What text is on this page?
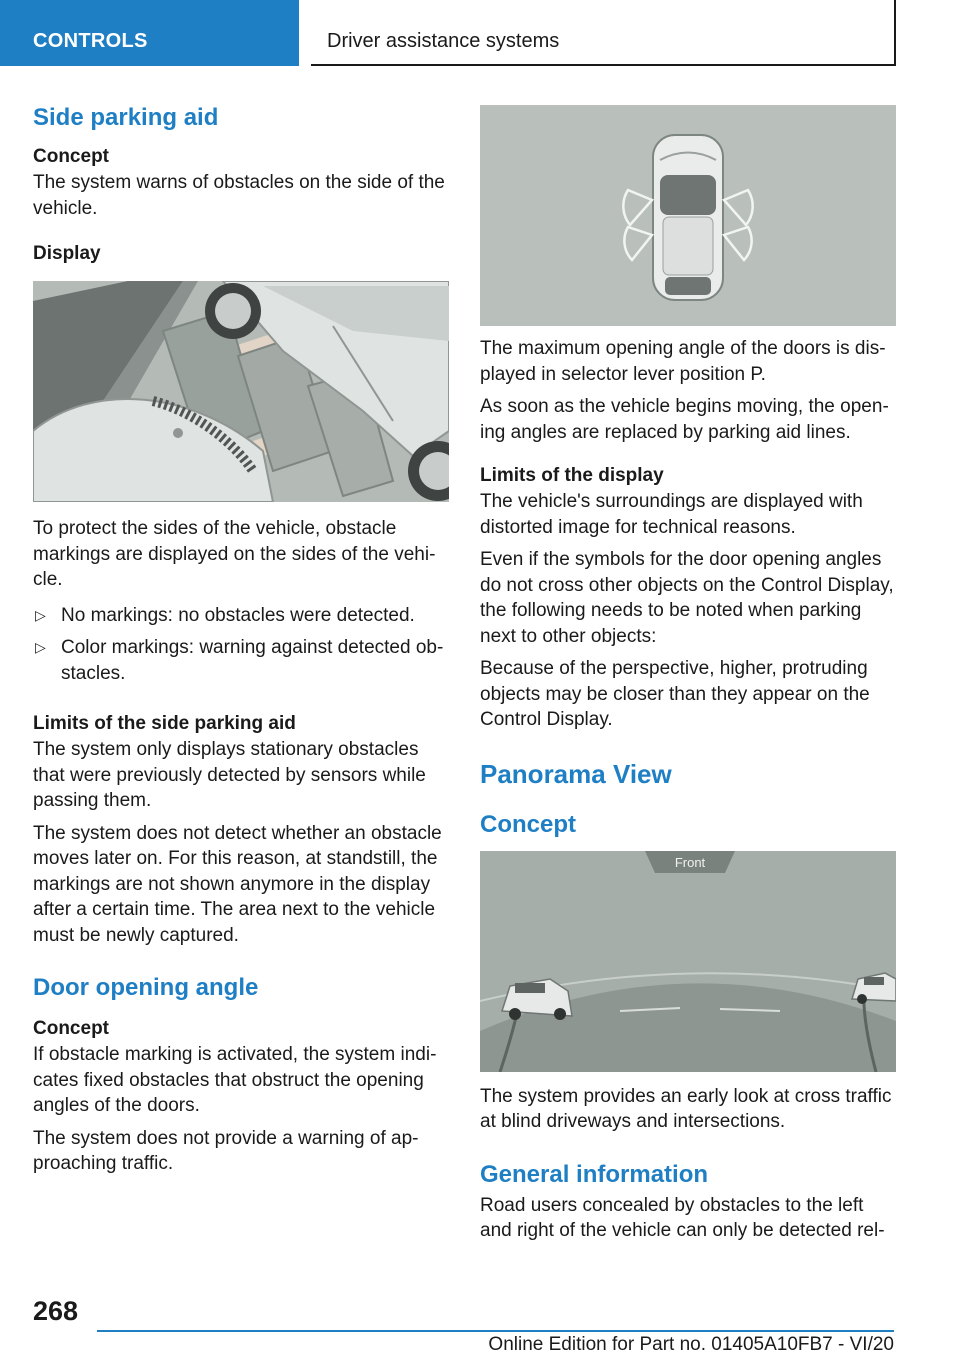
CONTROLS	Driver assistance systems
Side parking aid
Concept

The system warns of obstacles on the side of the vehicle.

Display

To protect the sides of the vehicle, obstacle markings are displayed on the sides of the vehicle.

▷ No markings: no obstacles were detected.
▷ Color markings: warning against detected obstacles.
Limits of the side parking aid

The system only displays stationary obstacles that were previously detected by sensors while passing them.

The system does not detect whether an obstacle moves later on. For this reason, at standstill, the markings are not shown anymore in the display after a certain time. The area next to the vehicle must be newly captured.

Door opening angle
Concept

If obstacle marking is activated, the system indicates fixed obstacles that obstruct the opening angles of the doors.

The system does not provide a warning of approaching traffic.

The maximum opening angle of the doors is displayed in selector lever position P.

As soon as the vehicle begins moving, the opening angles are replaced by parking aid lines.

Limits of the display

The vehicle's surroundings are displayed with distorted image for technical reasons.

Even if the symbols for the door opening angles do not cross other objects on the Control Display, the following needs to be noted when parking next to other objects:

Because of the perspective, higher, protruding objects may be closer than they appear on the Control Display.

Panorama View
Concept
Front

The system provides an early look at cross traffic at blind driveways and intersections.

General information

Road users concealed by obstacles to the left and right of the vehicle can only be detected rel-

268
Online Edition for Part no. 01405A10FB7 - VI/20
